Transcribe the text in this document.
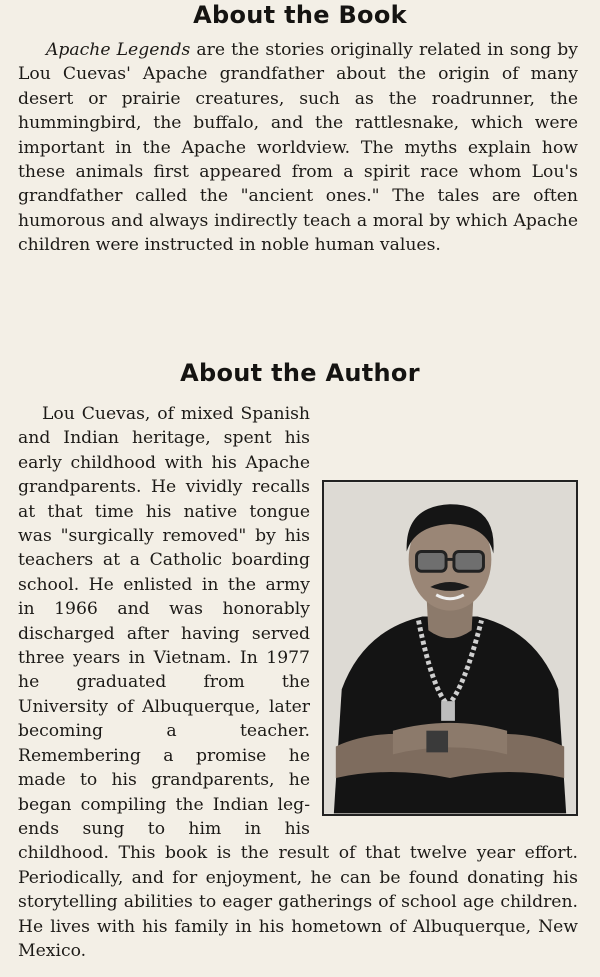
About the Book

Apache Legends are the stories originally related in song by Lou Cuevas' Apache grandfather about the origin of many desert or prairie creatures, such as the roadrunner, the hummingbird, the buffalo, and the rattlesnake, which were important in the Apache worldview. The myths explain how these animals first appeared from a spirit race whom Lou's grandfather called the "ancient ones." The tales are often humorous and always indirectly teach a moral by which Apache children were instructed in noble human values.

About the Author

Lou Cuevas, of mixed Spanish and Indian heritage, spent his early childhood with his Apache grandparents. He vividly recalls at that time his native tongue was "surgically removed" by his teachers at a Catholic boarding school. He enlisted in the army in 1966 and was honorably discharged after having served three years in Vietnam. In 1977 he graduated from the University of Albuquerque, later becoming a teacher. Remembering a promise he made to his grandparents, he began compiling the Indian legends sung to him in his childhood. This book is the result of that twelve year effort. Periodically, and for enjoyment, he can be found donating his storytelling abilities to eager gatherings of school age children. He lives with his family in his hometown of Albuquerque, New Mexico.
